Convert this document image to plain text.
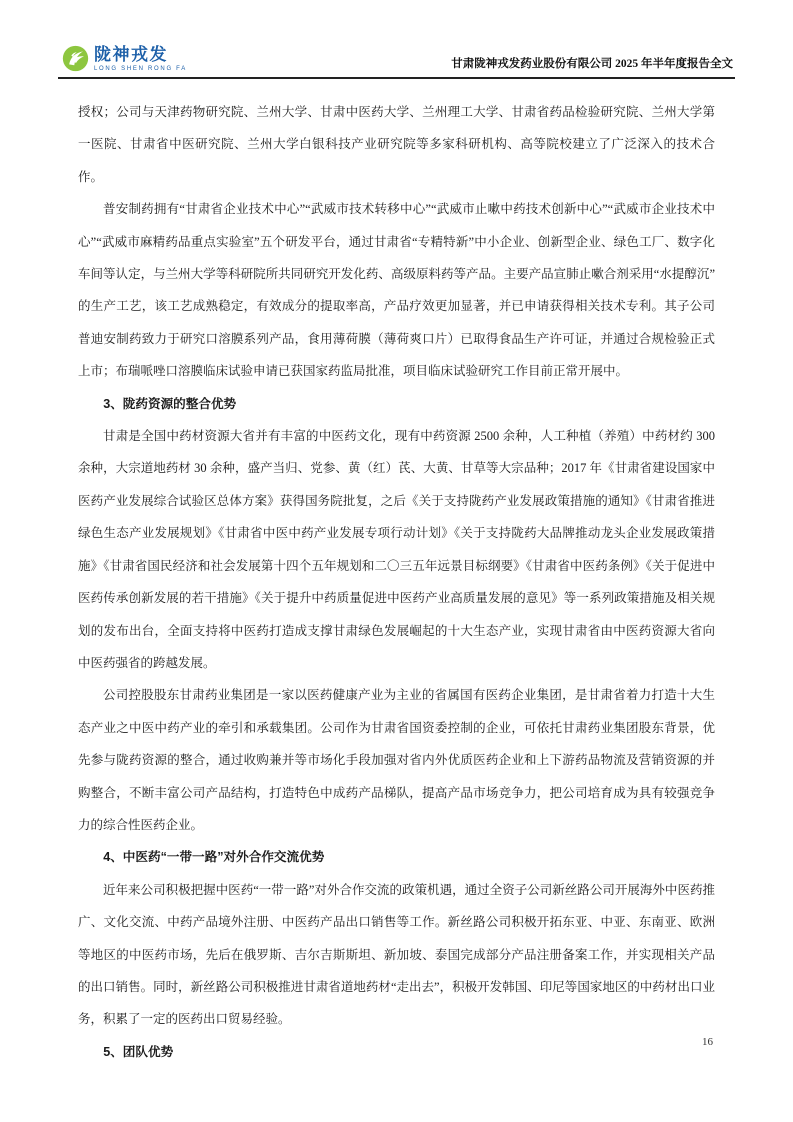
陇神戎发
LONG SHEN RONG FA	甘肃陇神戎发药业股份有限公司 2025 年半年度报告全文

授权；公司与天津药物研究院、兰州大学、甘肃中医药大学、兰州理工大学、甘肃省药品检验研究院、兰州大学第一医院、甘肃省中医研究院、兰州大学白银科技产业研究院等多家科研机构、高等院校建立了广泛深入的技术合作。

普安制药拥有“甘肃省企业技术中心”“武威市技术转移中心”“武威市止嗽中药技术创新中心”“武威市企业技术中心”“武威市麻精药品重点实验室”五个研发平台，通过甘肃省“专精特新”中小企业、创新型企业、绿色工厂、数字化车间等认定，与兰州大学等科研院所共同研究开发化药、高级原料药等产品。主要产品宣肺止嗽合剂采用“水提醇沉”的生产工艺，该工艺成熟稳定，有效成分的提取率高，产品疗效更加显著，并已申请获得相关技术专利。其子公司普迪安制药致力于研究口溶膜系列产品，食用薄荷膜（薄荷爽口片）已取得食品生产许可证，并通过合规检验正式上市；布瑞哌唑口溶膜临床试验申请已获国家药监局批准，项目临床试验研究工作目前正常开展中。

3、陇药资源的整合优势

甘肃是全国中药材资源大省并有丰富的中医药文化，现有中药资源 2500 余种，人工种植（养殖）中药材约 300 余种，大宗道地药材 30 余种，盛产当归、党参、黄（红）芪、大黄、甘草等大宗品种；2017 年《甘肃省建设国家中医药产业发展综合试验区总体方案》获得国务院批复，之后《关于支持陇药产业发展政策措施的通知》《甘肃省推进绿色生态产业发展规划》《甘肃省中医中药产业发展专项行动计划》《关于支持陇药大品牌推动龙头企业发展政策措施》《甘肃省国民经济和社会发展第十四个五年规划和二〇三五年远景目标纲要》《甘肃省中医药条例》《关于促进中医药传承创新发展的若干措施》《关于提升中药质量促进中医药产业高质量发展的意见》等一系列政策措施及相关规划的发布出台，全面支持将中医药打造成支撑甘肃绿色发展崛起的十大生态产业，实现甘肃省由中医药资源大省向中医药强省的跨越发展。

公司控股股东甘肃药业集团是一家以医药健康产业为主业的省属国有医药企业集团，是甘肃省着力打造十大生态产业之中医中药产业的牵引和承载集团。公司作为甘肃省国资委控制的企业，可依托甘肃药业集团股东背景，优先参与陇药资源的整合，通过收购兼并等市场化手段加强对省内外优质医药企业和上下游药品物流及营销资源的并购整合，不断丰富公司产品结构，打造特色中成药产品梯队，提高产品市场竞争力，把公司培育成为具有较强竞争力的综合性医药企业。

4、中医药“一带一路”对外合作交流优势

近年来公司积极把握中医药“一带一路”对外合作交流的政策机遇，通过全资子公司新丝路公司开展海外中医药推广、文化交流、中药产品境外注册、中医药产品出口销售等工作。新丝路公司积极开拓东亚、中亚、东南亚、欧洲等地区的中医药市场，先后在俄罗斯、吉尔吉斯斯坦、新加坡、泰国完成部分产品注册备案工作，并实现相关产品的出口销售。同时，新丝路公司积极推进甘肃省道地药材“走出去”，积极开发韩国、印尼等国家地区的中药材出口业务，积累了一定的医药出口贸易经验。

5、团队优势

16
